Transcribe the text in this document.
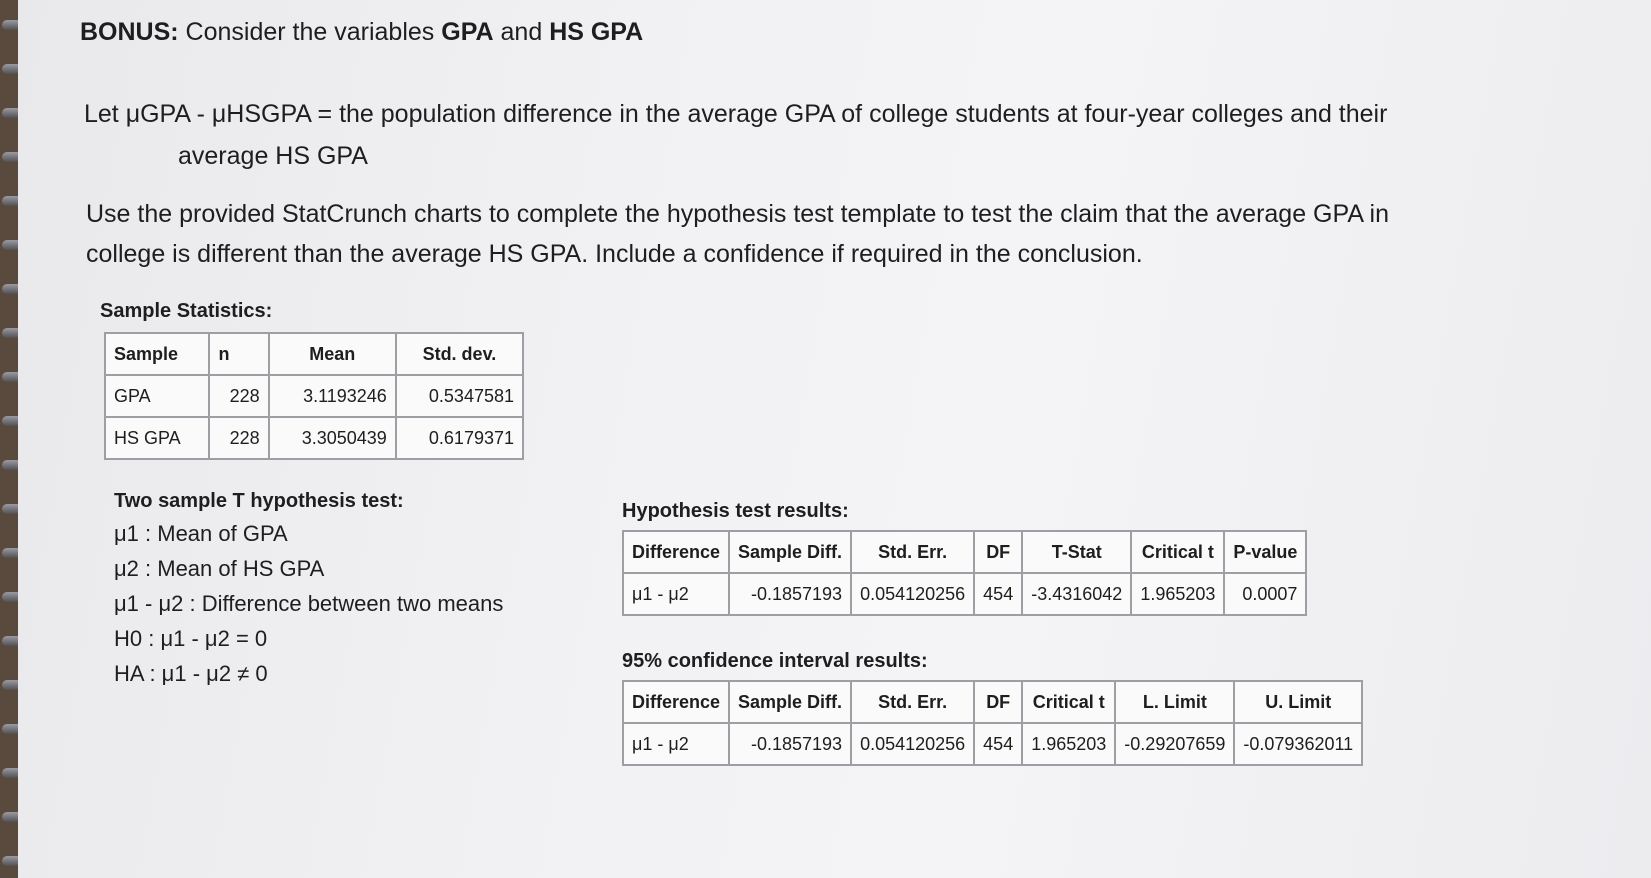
BONUS: Consider the variables GPA and HS GPA
Let μGPA - μHSGPA = the population difference in the average GPA of college students at four-year colleges and their
average HS GPA
Use the provided StatCrunch charts to complete the hypothesis test template to test the claim that the average GPA in
college is different than the average HS GPA. Include a confidence if required in the conclusion.
Sample Statistics:
Sample	n	Mean	Std. dev.
GPA	228	3.1193246	0.5347581
HS GPA	228	3.3050439	0.6179371
Two sample T hypothesis test:
μ1 : Mean of GPA
μ2 : Mean of HS GPA
μ1 - μ2 : Difference between two means
H0 : μ1 - μ2 = 0
HA : μ1 - μ2 ≠ 0
Hypothesis test results:
Difference	Sample Diff.	Std. Err.	DF	T-Stat	Critical t	P-value
μ1 - μ2	-0.1857193	0.054120256	454	-3.4316042	1.965203	0.0007
95% confidence interval results:
Difference	Sample Diff.	Std. Err.	DF	Critical t	L. Limit	U. Limit
μ1 - μ2	-0.1857193	0.054120256	454	1.965203	-0.29207659	-0.079362011
